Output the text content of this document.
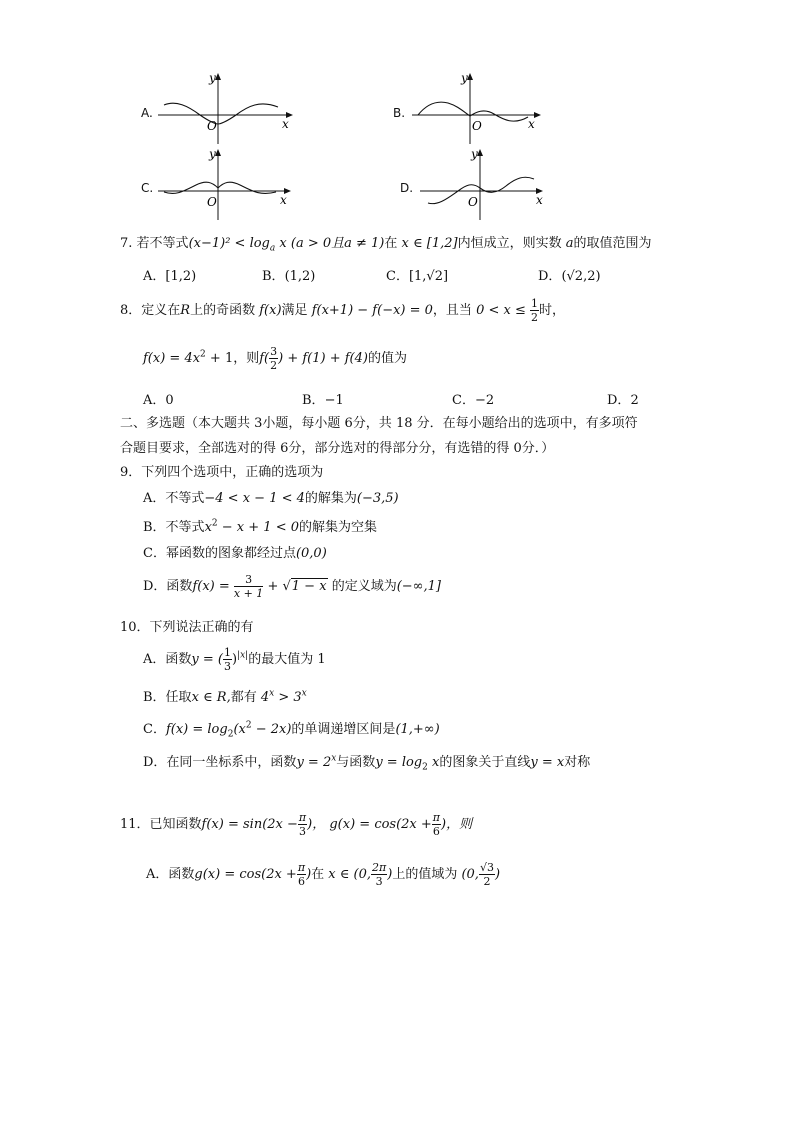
A.
y
x
O
B.
y
x
O
C.
y
x
O
D.
y
x
O
7. 若不等式$(x-1)^2 < \log_a x$ (a > 0且a ≠ 1)在 x ∈ [1,2]内恒成立，则实数 a的取值范围为
A．[1,2)	B．(1,2)	C．[1,√2]	D．(√2,2)
8．定义在R上的奇函数 f(x)满足 f(x+1) − f(−x) = 0，且当 $0 < x \le \frac{1}{2}$ 时，
$f(x) = 4x^2 + 1$，则$f( \frac{3}{2}$ ) + f(1) + f(4)的值为
A．0	B．−1	C．−2	D．2
二、多选题（本大题共 3小题，每小题 6分，共 18 分．在每小题给出的选项中，有多项符
合题目要求，全部选对的得 6分，部分选对的得部分分，有选错的得 0分．）
9．下列四个选项中，正确的选项为
A．不等式−4 < x − 1 < 4的解集为(−3,5)
B．不等式$x^2 - x + 1 < 0$的解集为空集
C．幂函数的图象都经过点(0,0)
D．函数$f(x) = \frac{3}{x + 1} + √1 - x$ 的定义域为(−∞,1]
10．下列说法正确的有
A．函数y = ( $\frac{1}{3} )^{|x|}$的最大值为 1
B．任取x ∈ R,都有 $4^x > 3^x$
C．$f(x) = \log_2(x^2 - 2x)$的单调递增区间是(1,+∞)
D．在同一坐标系中，函数$y = 2^x$与函数$y = \log_2 x$的图象关于直线y = x对称
11．已知函数$f(x) = \sin(2x - \frac{\pi}{3}$ )， $g(x) = \cos(2x + \frac{\pi}{6}$ )，则
A．函数$g(x) = \cos(2x + \frac{\pi}{6}$ )在 x ∈ (0, $\frac{2\pi}{3}$ )上的值域为 (0, $\frac{√3}{2}$ )
